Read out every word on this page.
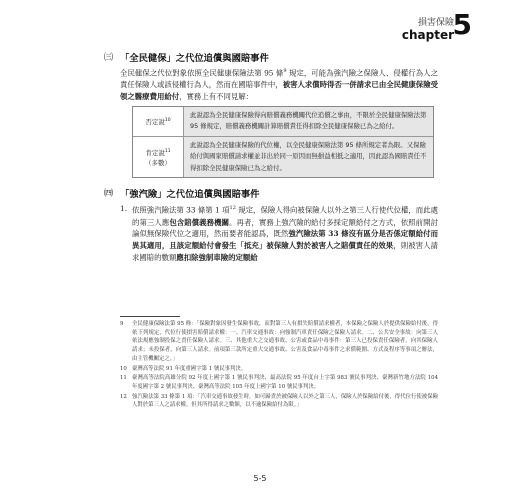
損害保險
chapter
5
㈢ 「全民健保」之代位追償與國賠事件
全民健保之代位對象依照全民健康保險法第 95 條$^9$ 規定，可能為強汽險之保險人、侵權行為人之責任保險人或該侵權行為人，然而在國賠事件中，被害人求償時得否一併請求已由全民健康保險受領之醫療費用給付，實務上有不同見解：
否定說$^{10}$
此說認為全民健康保險得向賠償義務機關代位追償之事由，不限於全民健康保險法第 95 條規定，賠償義務機關計算賠償責任得扣除全民健康保險已為之給付。
肯定說$^{11}$
（多數）
此說認為全民健康保險的代位權，以全民健康保險法第 95 條所規定者為限。又保險給付與國家賠償請求權並非出於同一原因而無損益相抵之適用，因此認為國賠責任不得扣除全民健康保險已為之給付。
㈣ 「強汽險」之代位追償與國賠事件
1. 依照強汽險法第 33 條第 1 項$^{12}$ 規定，保險人得向被保險人以外之第三人行使代位權，而此處的第三人應包含賠償義務機關。再者，實務上強汽險的給付多採定額給付之方式，依照前開討論似無保險代位之適用，然而要者能認爲，既然強汽險法第 33 條沒有區分是否係定額給付而異其適用，且該定額給付會發生「抵充」被保險人對於被害人之賠償責任的效果，則被害人請求國賠的數額應扣除強制車險的定額給
9	全民健康保險法第 95 條：「保險對象因發生保險事故，而對第三人有損失賠償請求權者，本保險之保險人於提供保險給付後，得依下列規定，代位行使損害賠償請求權：一、汽車交通事故：向強制汽車責任保險之保險人請求。二、公共安全事故：向第三人依法規應強制投保之責任保險人請求。三、其他重大之交通事故、公害或食品中毒事件：第三人已投保責任保險者，向其保險人請求；未投保者，向第三人請求。前項第三款所定重大交通事故、公害及食品中毒事件之求償範圍、方式及程序等事項之辦法，由主管機關定之。」
10 臺灣高等法院 91 年度重國字第 1 號民事判決。
11 臺灣高等法院高雄分院 92 年度上國字第 1 號民事判決、最高法院 95 年度台上字第 983 號民事判決、臺灣新竹地方法院 104 年度國字第 2 號民事判決、臺灣高等法院 105 年度上國字第 10 號民事判決。
12 強汽險法第 33 條第 1 項：「汽車交通事故發生時，如可歸責於被保險人以外之第三人，保險人於保險給付後，得代位行使被保險人對於第三人之請求權。但其所得請求之數額，以不逾保險給付為限。」
5-5
